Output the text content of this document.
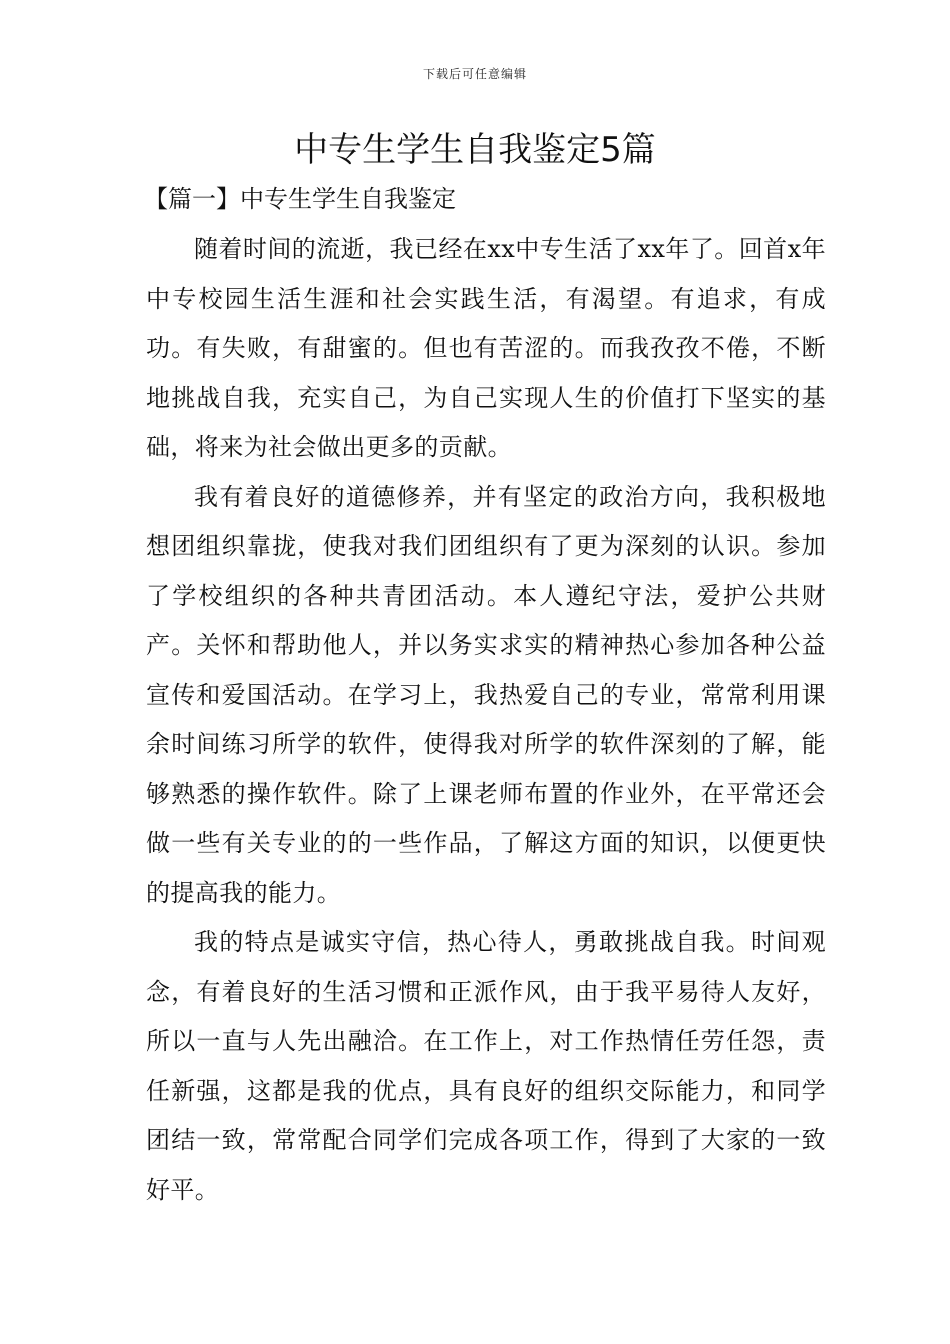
下载后可任意编辑
中专生学生自我鉴定5篇
【篇一】中专生学生自我鉴定

随着时间的流逝，我已经在xx中专生活了xx年了。回首x年中专校园生活生涯和社会实践生活，有渴望。有追求，有成功。有失败，有甜蜜的。但也有苦涩的。而我孜孜不倦，不断地挑战自我，充实自己，为自己实现人生的价值打下坚实的基础，将来为社会做出更多的贡献。

我有着良好的道德修养，并有坚定的政治方向，我积极地想团组织靠拢，使我对我们团组织有了更为深刻的认识。参加了学校组织的各种共青团活动。本人遵纪守法，爱护公共财产。关怀和帮助他人，并以务实求实的精神热心参加各种公益宣传和爱国活动。在学习上，我热爱自己的专业，常常利用课余时间练习所学的软件，使得我对所学的软件深刻的了解，能够熟悉的操作软件。除了上课老师布置的作业外，在平常还会做一些有关专业的的一些作品，了解这方面的知识，以便更快的提高我的能力。

我的特点是诚实守信，热心待人，勇敢挑战自我。时间观念，有着良好的生活习惯和正派作风，由于我平易待人友好，所以一直与人先出融洽。在工作上，对工作热情任劳任怨，责任新强，这都是我的优点，具有良好的组织交际能力，和同学团结一致，常常配合同学们完成各项工作，得到了大家的一致好平。
